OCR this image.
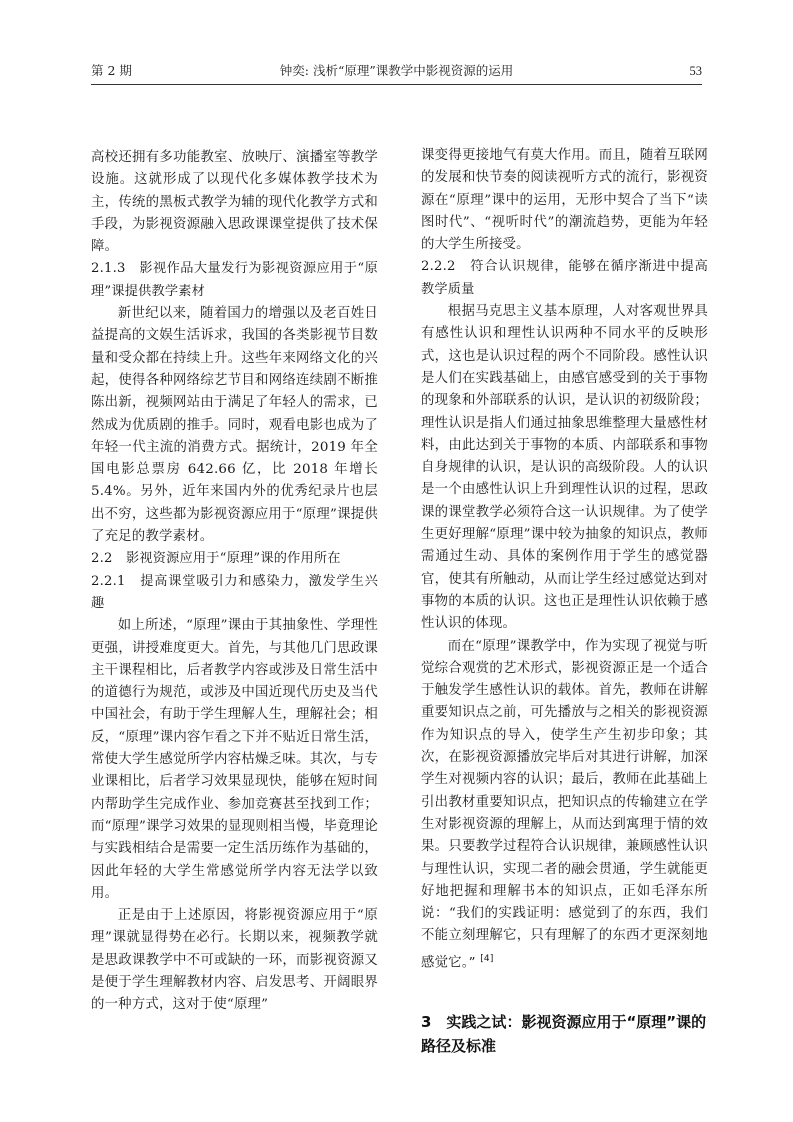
第 2 期	钟奕: 浅析“原理”课教学中影视资源的运用	53

高校还拥有多功能教室、放映厅、演播室等教学设施。这就形成了以现代化多媒体教学技术为主，传统的黑板式教学为辅的现代化教学方式和手段，为影视资源融入思政课课堂提供了技术保障。

2.1.3　影视作品大量发行为影视资源应用于“原理”课提供教学素材

新世纪以来，随着国力的增强以及老百姓日益提高的文娱生活诉求，我国的各类影视节目数量和受众都在持续上升。这些年来网络文化的兴起，使得各种网络综艺节目和网络连续剧不断推陈出新，视频网站由于满足了年轻人的需求，已然成为优质剧的推手。同时，观看电影也成为了年轻一代主流的消费方式。据统计，2019 年全国电影总票房 642.66 亿，比 2018 年增长 5.4%。另外，近年来国内外的优秀纪录片也层出不穷，这些都为影视资源应用于“原理”课提供了充足的教学素材。

2.2　影视资源应用于“原理”课的作用所在

2.2.1　提高课堂吸引力和感染力，激发学生兴趣

如上所述，“原理”课由于其抽象性、学理性更强，讲授难度更大。首先，与其他几门思政课主干课程相比，后者教学内容或涉及日常生活中的道德行为规范，或涉及中国近现代历史及当代中国社会，有助于学生理解人生，理解社会；相反，“原理”课内容乍看之下并不贴近日常生活，常使大学生感觉所学内容枯燥乏味。其次，与专业课相比，后者学习效果显现快，能够在短时间内帮助学生完成作业、参加竞赛甚至找到工作；而“原理”课学习效果的显现则相当慢，毕竟理论与实践相结合是需要一定生活历练作为基础的，因此年轻的大学生常感觉所学内容无法学以致用。

正是由于上述原因，将影视资源应用于“原理”课就显得势在必行。长期以来，视频教学就是思政课教学中不可或缺的一环，而影视资源又是便于学生理解教材内容、启发思考、开阔眼界的一种方式，这对于使“原理”

课变得更接地气有莫大作用。而且，随着互联网的发展和快节奏的阅读视听方式的流行，影视资源在“原理”课中的运用，无形中契合了当下“读图时代”、“视听时代”的潮流趋势，更能为年轻的大学生所接受。

2.2.2　符合认识规律，能够在循序渐进中提高教学质量

根据马克思主义基本原理，人对客观世界具有感性认识和理性认识两种不同水平的反映形式，这也是认识过程的两个不同阶段。感性认识是人们在实践基础上，由感官感受到的关于事物的现象和外部联系的认识，是认识的初级阶段；理性认识是指人们通过抽象思维整理大量感性材料，由此达到关于事物的本质、内部联系和事物自身规律的认识，是认识的高级阶段。人的认识是一个由感性认识上升到理性认识的过程，思政课的课堂教学必须符合这一认识规律。为了使学生更好理解“原理”课中较为抽象的知识点，教师需通过生动、具体的案例作用于学生的感觉器官，使其有所触动，从而让学生经过感觉达到对事物的本质的认识。这也正是理性认识依赖于感性认识的体现。

而在“原理”课教学中，作为实现了视觉与听觉综合观赏的艺术形式，影视资源正是一个适合于触发学生感性认识的载体。首先，教师在讲解重要知识点之前，可先播放与之相关的影视资源作为知识点的导入，使学生产生初步印象；其次，在影视资源播放完毕后对其进行讲解，加深学生对视频内容的认识；最后，教师在此基础上引出教材重要知识点，把知识点的传输建立在学生对影视资源的理解上，从而达到寓理于情的效果。只要教学过程符合认识规律，兼顾感性认识与理性认识，实现二者的融会贯通，学生就能更好地把握和理解书本的知识点，正如毛泽东所说：“我们的实践证明：感觉到了的东西，我们不能立刻理解它，只有理解了的东西才更深刻地感觉它。” [4]

3　实践之试：影视资源应用于“原理”课的路径及标准
